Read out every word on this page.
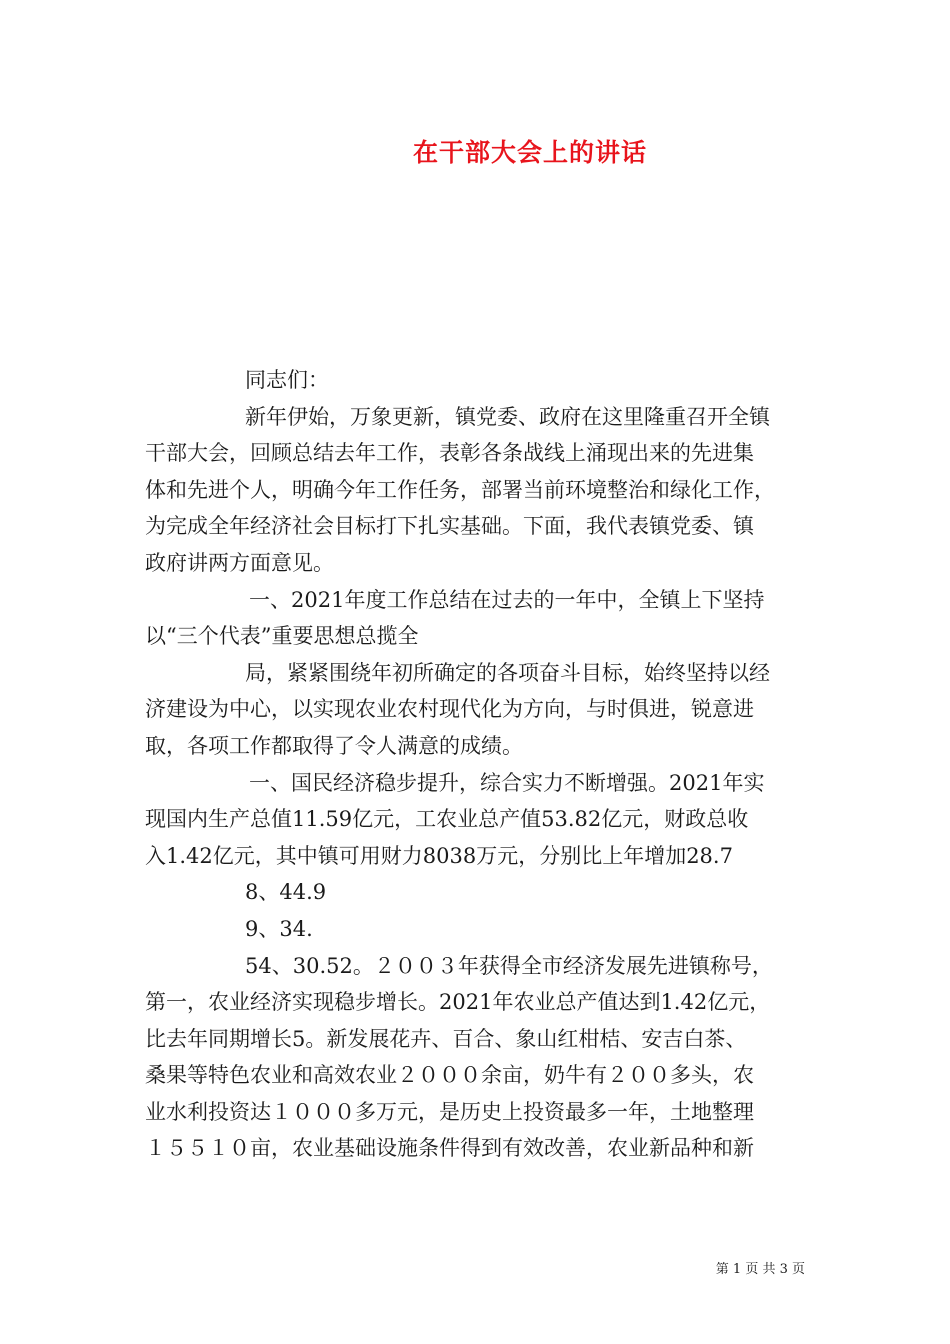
在干部大会上的讲话
同志们：
新年伊始，万象更新，镇党委、政府在这里隆重召开全镇
干部大会，回顾总结去年工作，表彰各条战线上涌现出来的先进集
体和先进个人，明确今年工作任务，部署当前环境整治和绿化工作，
为完成全年经济社会目标打下扎实基础。下面，我代表镇党委、镇
政府讲两方面意见。
一、2021年度工作总结在过去的一年中，全镇上下坚持
以“三个代表”重要思想总揽全
局，紧紧围绕年初所确定的各项奋斗目标，始终坚持以经
济建设为中心，以实现农业农村现代化为方向，与时俱进，锐意进
取，各项工作都取得了令人满意的成绩。
一、国民经济稳步提升，综合实力不断增强。2021年实
现国内生产总值11.59亿元，工农业总产值53.82亿元，财政总收
入1.42亿元，其中镇可用财力8038万元，分别比上年增加28.7
8、44.9
9、34.
54、30.52。２００３年获得全市经济发展先进镇称号，
第一，农业经济实现稳步增长。2021年农业总产值达到1.42亿元，
比去年同期增长5。新发展花卉、百合、象山红柑桔、安吉白茶、
桑果等特色农业和高效农业２０００余亩，奶牛有２００多头，农
业水利投资达１０００多万元，是历史上投资最多一年，土地整理
１５５１０亩，农业基础设施条件得到有效改善，农业新品种和新
第 1 页 共 3 页
